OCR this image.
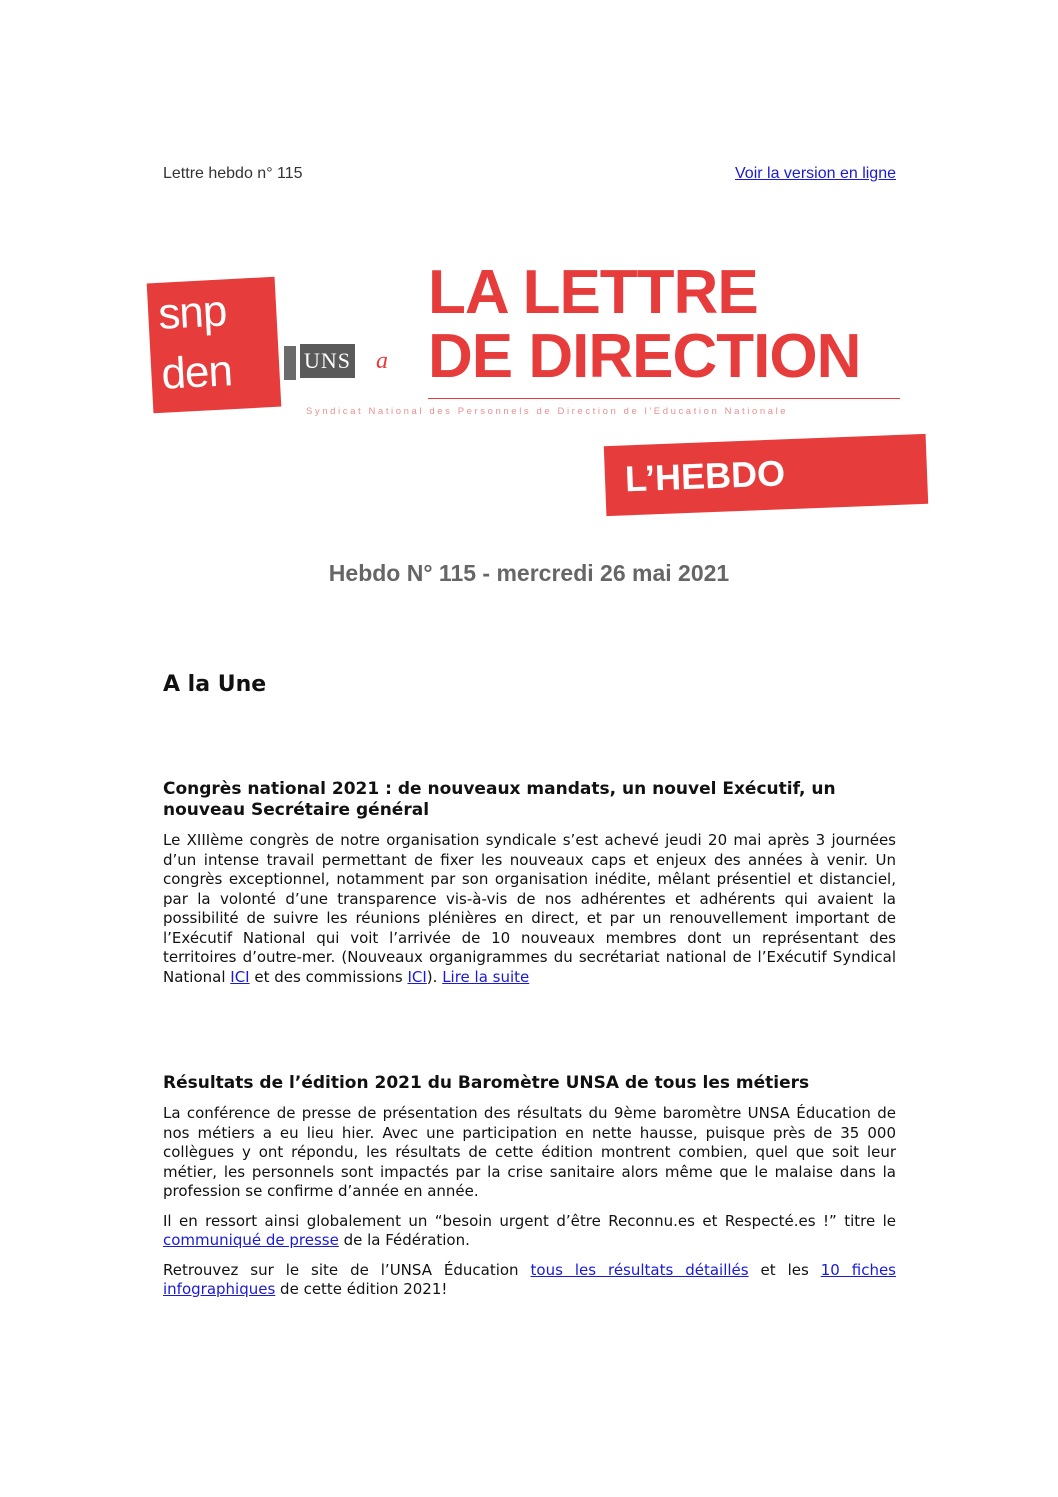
Lettre hebdo n° 115	Voir la version en ligne
snp
den	UNS a
LA LETTRE
DE DIRECTION
Syndicat National des Personnels de Direction de l'Education Nationale
L’HEBDO
Hebdo N° 115 - mercredi 26 mai 2021
A la Une
Congrès national 2021 : de nouveaux mandats, un nouvel Exécutif, un nouveau Secrétaire général

Le XIIIème congrès de notre organisation syndicale s’est achevé jeudi 20 mai après 3 journées d’un intense travail permettant de fixer les nouveaux caps et enjeux des années à venir. Un congrès exceptionnel, notamment par son organisation inédite, mêlant présentiel et distanciel, par la volonté d’une transparence vis-à-vis de nos adhérentes et adhérents qui avaient la possibilité de suivre les réunions plénières en direct, et par un renouvellement important de l’Exécutif National qui voit l’arrivée de 10 nouveaux membres dont un représentant des territoires d’outre-mer. (Nouveaux organigrammes du secrétariat national de l’Exécutif Syndical National ICI et des commissions ICI). Lire la suite

Résultats de l’édition 2021 du Baromètre UNSA de tous les métiers

La conférence de presse de présentation des résultats du 9ème baromètre UNSA Éducation de nos métiers a eu lieu hier. Avec une participation en nette hausse, puisque près de 35 000 collègues y ont répondu, les résultats de cette édition montrent combien, quel que soit leur métier, les personnels sont impactés par la crise sanitaire alors même que le malaise dans la profession se confirme d’année en année.

Il en ressort ainsi globalement un “besoin urgent d’être Reconnu.es et Respecté.es !” titre le communiqué de presse de la Fédération.

Retrouvez sur le site de l’UNSA Éducation tous les résultats détaillés et les 10 fiches infographiques de cette édition 2021!
